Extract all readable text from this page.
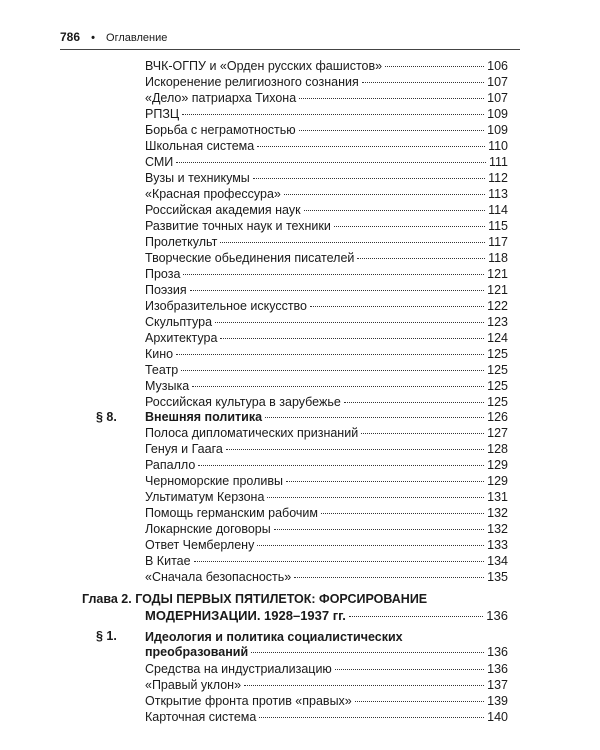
786 • Оглавление
ВЧК-ОГПУ и «Орден русских фашистов»	106
Искоренение религиозного сознания	107
«Дело» патриарха Тихона	107
РПЗЦ	109
Борьба с неграмотностью	109
Школьная система	110
СМИ	111
Вузы и техникумы	112
«Красная профессура»	113
Российская академия наук	114
Развитие точных наук и техники	115
Пролеткульт	117
Творческие обьединения писателей	118
Проза	121
Поэзия	121
Изобразительное искусство	122
Скульптура	123
Архитектура	124
Кино	125
Театр	125
Музыка	125
Российская культура в зарубежье	125
§ 8. Внешняя политика	126
Полоса дипломатических признаний	127
Генуя и Гаага	128
Рапалло	129
Черноморские проливы	129
Ультиматум Керзона	131
Помощь германским рабочим	132
Локарнские договоры	132
Ответ Чемберлену	133
В Китае	134
«Сначала безопасность»	135
Глава 2. ГОДЫ ПЕРВЫХ ПЯТИЛЕТОК: ФОРСИРОВАНИЕ
МОДЕРНИЗАЦИИ. 1928–1937 гг.	136
§ 1. Идеология и политика социалистических
преобразований	136
Средства на индустриализацию	136
«Правый уклон»	137
Открытие фронта против «правых»	139
Карточная система	140
